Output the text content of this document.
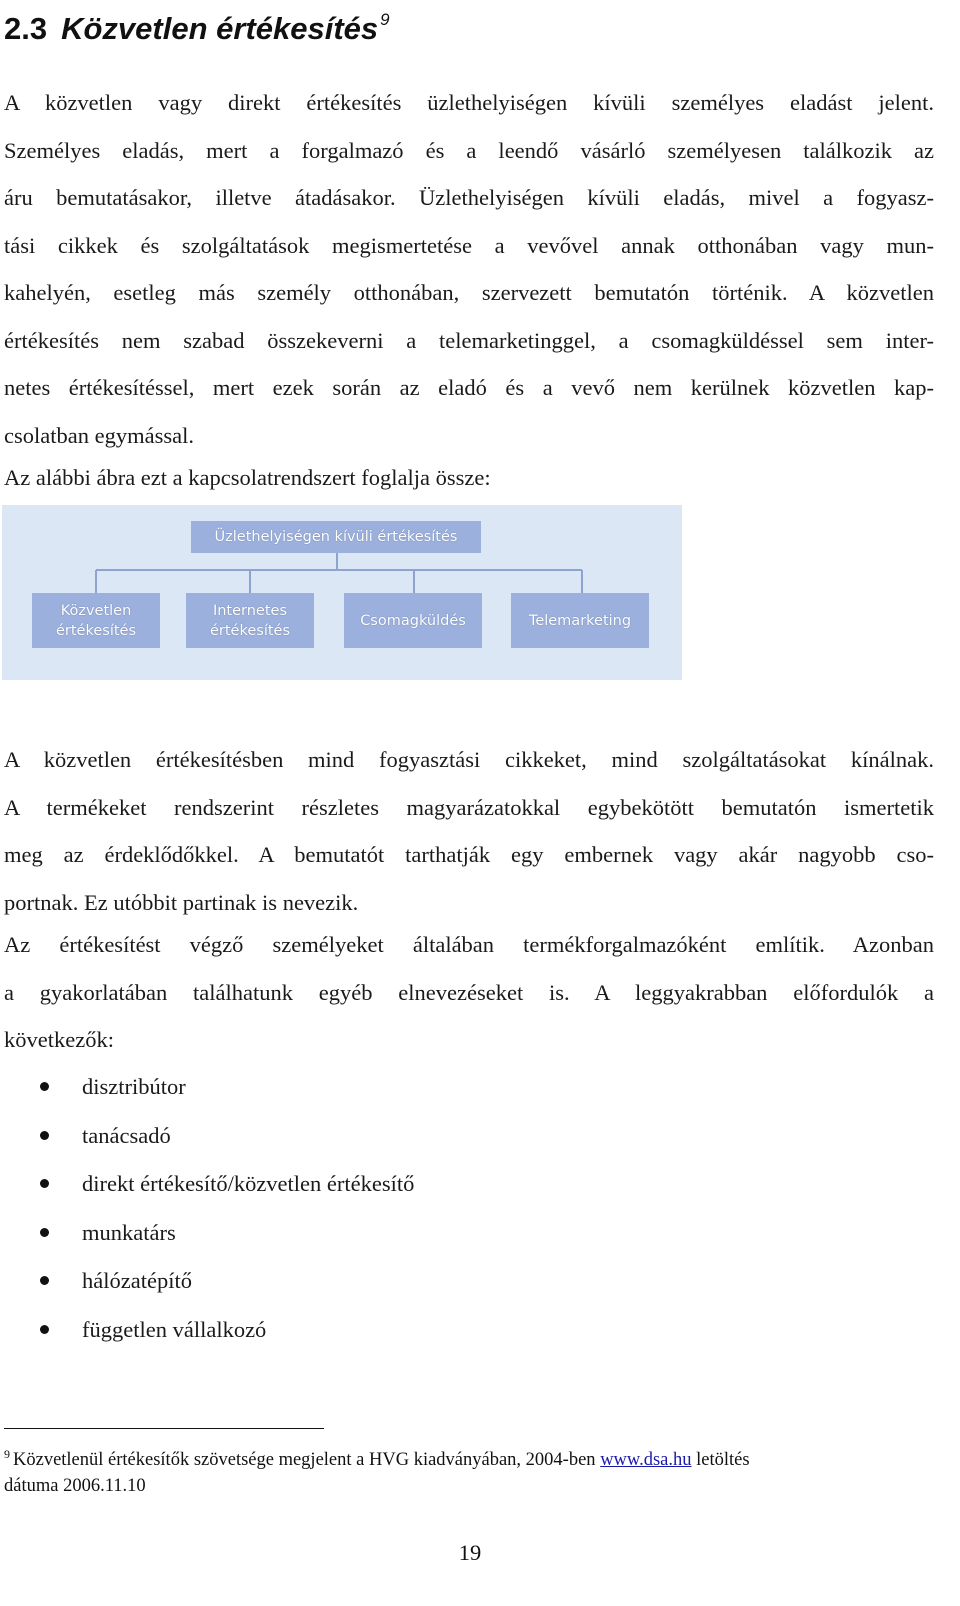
2.3 Közvetlen értékesítés $^9$

A közvetlen vagy direkt értékesítés üzlethelyiségen kívüli személyes eladást jelent.
Személyes eladás, mert a forgalmazó és a leendő vásárló személyesen találkozik az
áru bemutatásakor, illetve átadásakor. Üzlethelyiségen kívüli eladás, mivel a fogyasz-
tási cikkek és szolgáltatások megismertetése a vevővel annak otthonában vagy mun-
kahelyén, esetleg más személy otthonában, szervezett bemutatón történik. A közvetlen
értékesítés nem szabad összekeverni a telemarketinggel, a csomagküldéssel sem inter-
netes értékesítéssel, mert ezek során az eladó és a vevő nem kerülnek közvetlen kap-
csolatban egymással.

Az alábbi ábra ezt a kapcsolatrendszert foglalja össze:

Üzlethelyiségen kívüli értékesítés
Közvetlen
értékesítés
Internetes
értékesítés
Csomagküldés	Telemarketing

A közvetlen értékesítésben mind fogyasztási cikkeket, mind szolgáltatásokat kínálnak.
A termékeket rendszerint részletes magyarázatokkal egybekötött bemutatón ismertetik
meg az érdeklődőkkel. A bemutatót tarthatják egy embernek vagy akár nagyobb cso-
portnak. Ez utóbbit partinak is nevezik.

Az értékesítést végző személyeket általában termékforgalmazóként említik. Azonban
a gyakorlatában találhatunk egyéb elnevezéseket is. A leggyakrabban előfordulók a
következők:

disztribútor
tanácsadó
direkt értékesítő/közvetlen értékesítő
munkatárs
hálózatépítő
független vállalkozó

$^9$ Közvetlenül értékesítők szövetsége megjelent a HVG kiadványában, 2004-ben www.dsa.hu letöltés
dátuma 2006.11.10

19
